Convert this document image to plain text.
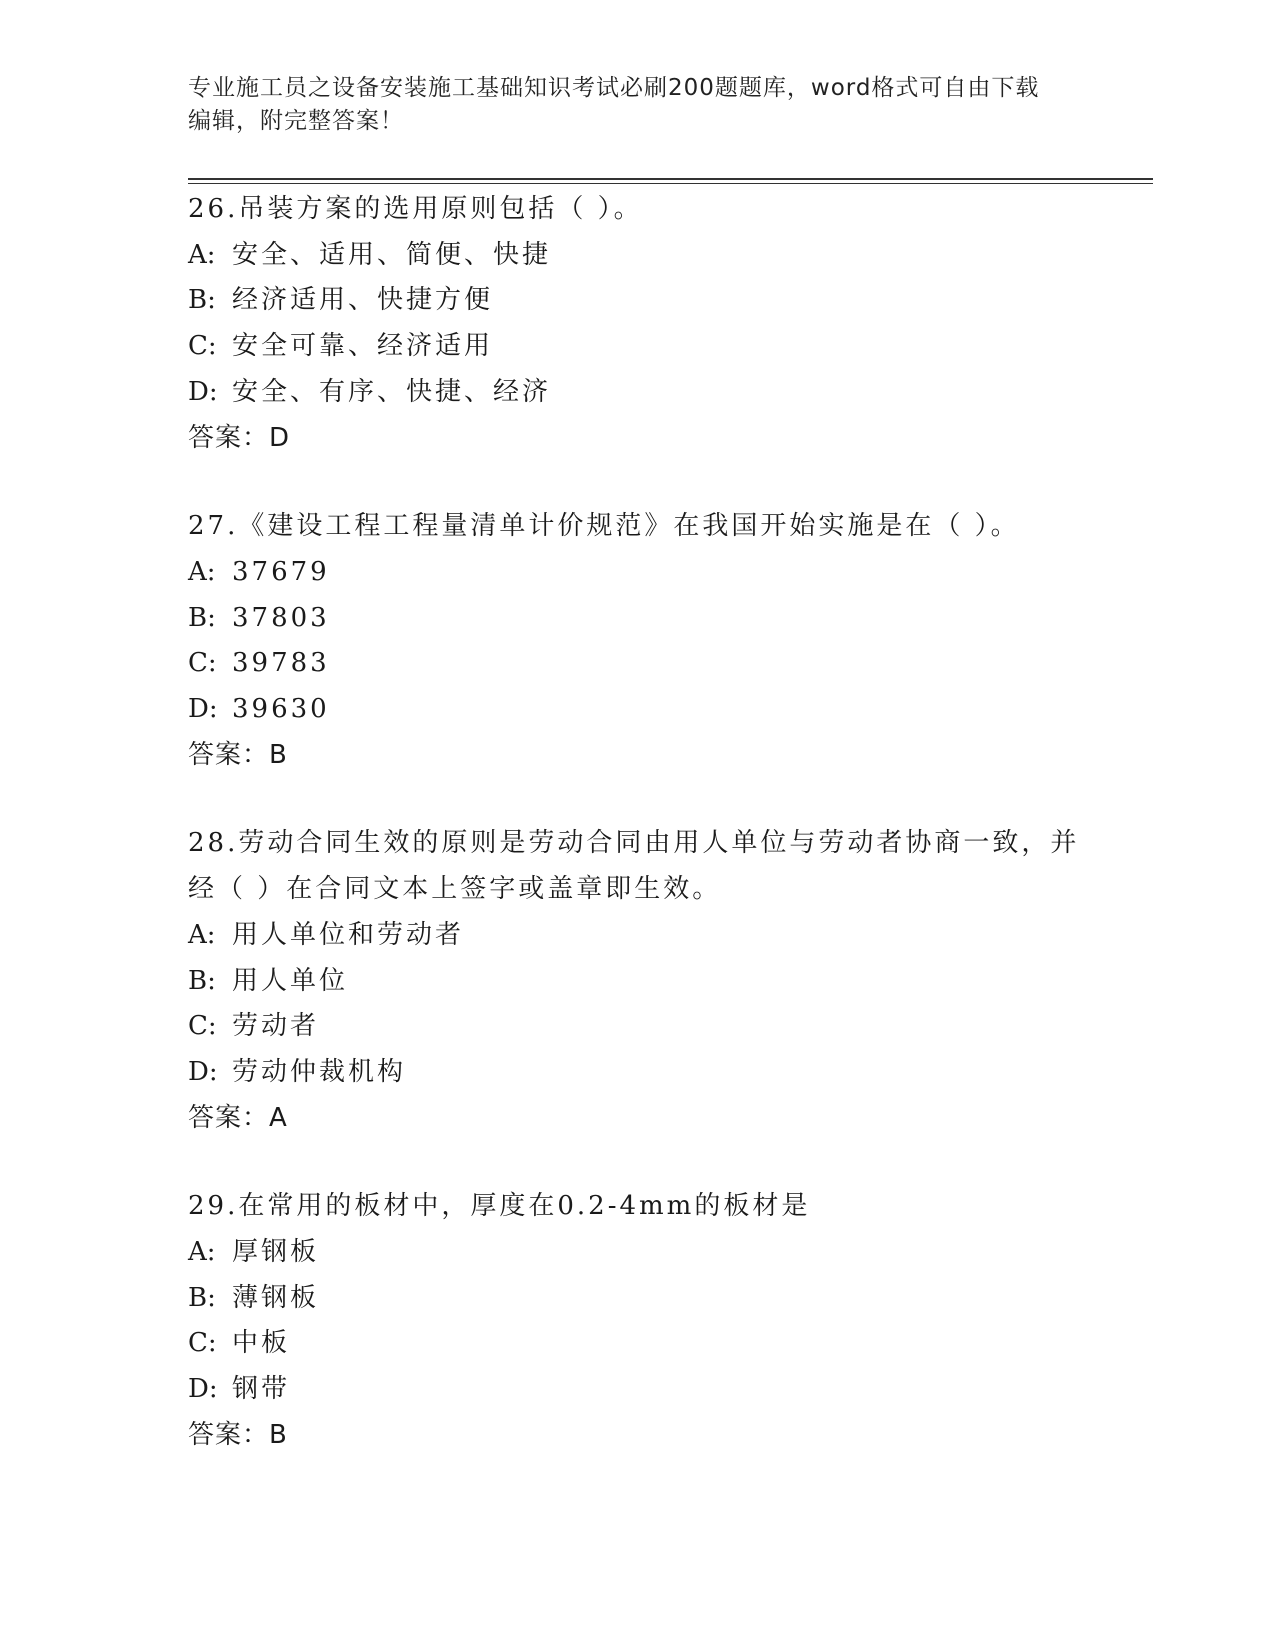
专业施工员之设备安装施工基础知识考试必刷200题题库，word格式可自由下载
编辑，附完整答案！

26.吊装方案的选用原则包括（ ）。

A: 安全、适用、简便、快捷

B: 经济适用、快捷方便

C: 安全可靠、经济适用

D: 安全、有序、快捷、经济

答案：D

27.《建设工程工程量清单计价规范》在我国开始实施是在（ ）。

A: 37679

B: 37803

C: 39783

D: 39630

答案：B

28.劳动合同生效的原则是劳动合同由用人单位与劳动者协商一致，并经（ ）在合同文本上签字或盖章即生效。

A: 用人单位和劳动者

B: 用人单位

C: 劳动者

D: 劳动仲裁机构

答案：A

29.在常用的板材中，厚度在0.2-4mm的板材是

A: 厚钢板

B: 薄钢板

C: 中板

D: 钢带

答案：B
